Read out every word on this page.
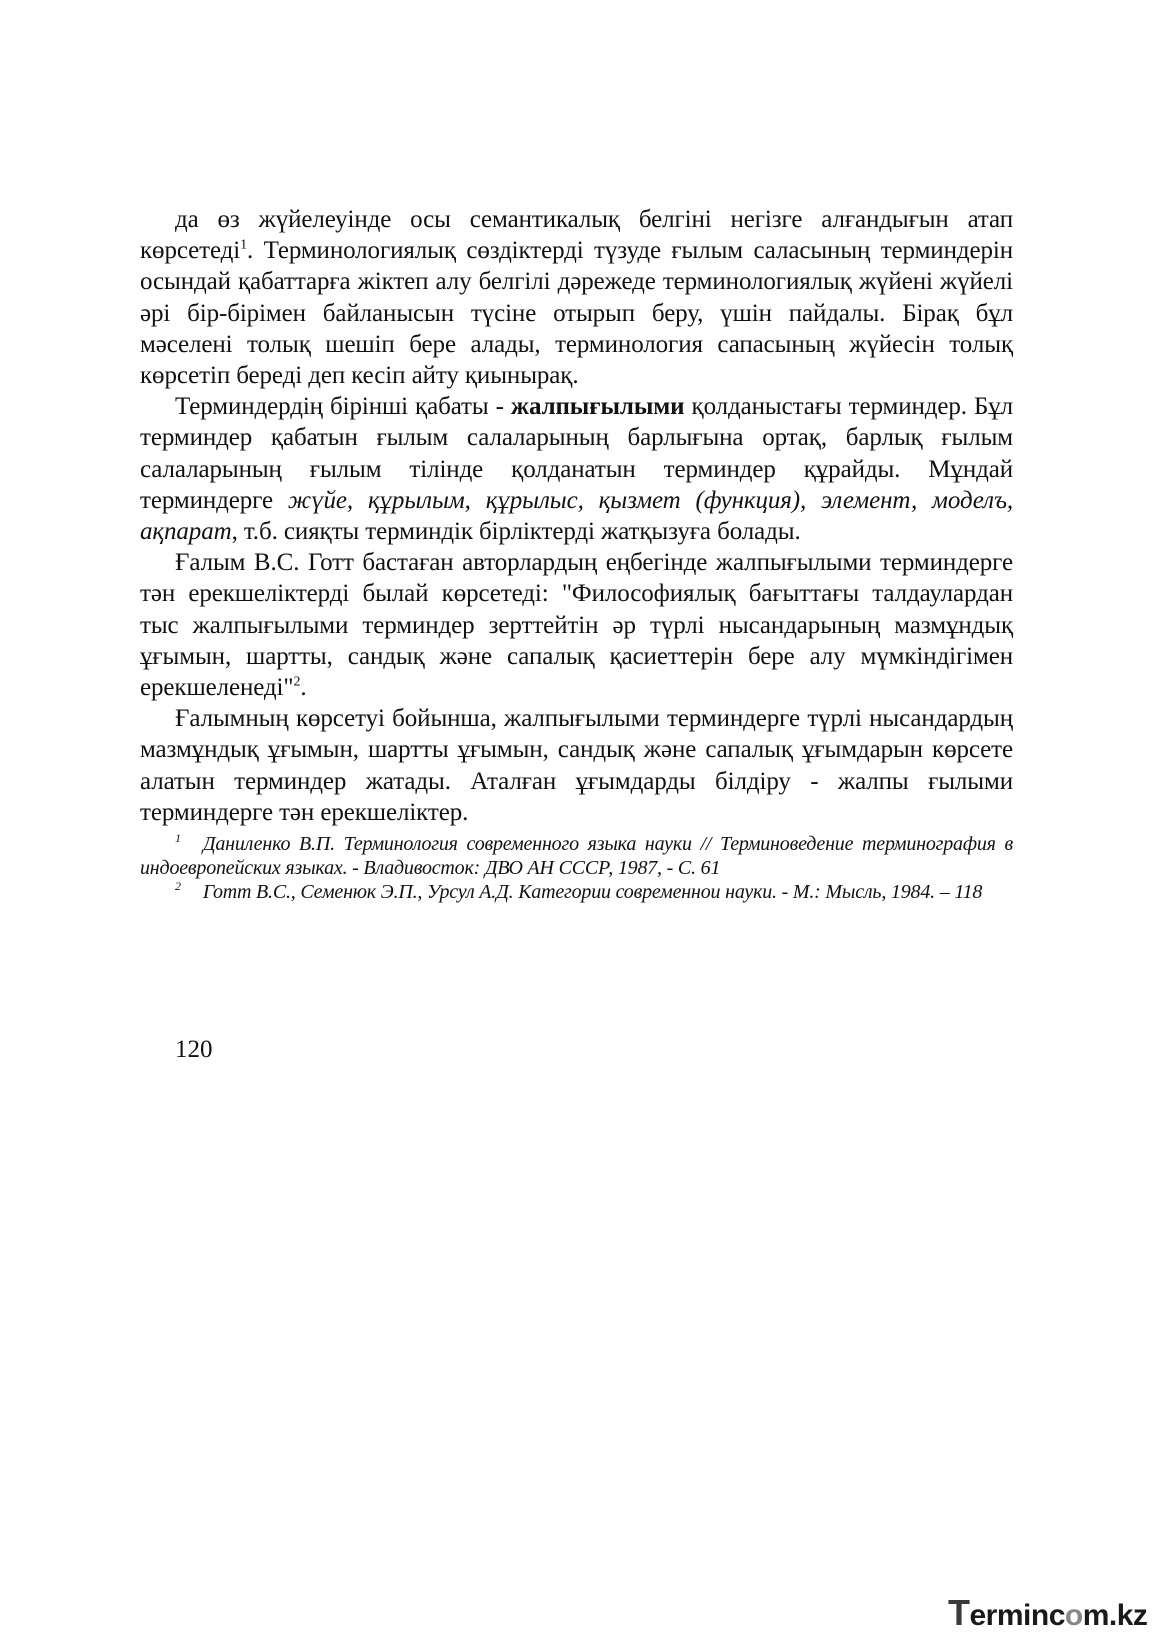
да өз жүйелеуінде осы семантикалық белгіні негізге алғандығын атап көрсетеді$^1$. Терминологиялық сөздіктерді түзуде ғылым саласының терминдерін осындай қабаттарға жіктеп алу белгілі дәрежеде терминологиялық жүйені жүйелі әрі бір-бірімен байланысын түсіне отырып беру, үшін пайдалы. Бірақ бұл мәселені толық шешіп бере алады, терминология сапасының жүйесін толық көрсетіп береді деп кесіп айту қиынырақ.

Терминдердің бірінші қабаты - жалпығылыми қолданыстағы терминдер. Бұл терминдер қабатын ғылым салаларының барлығына ортақ, барлық ғылым салаларының ғылым тілінде қолданатын терминдер құрайды. Мұндай терминдерге жүйе, құрылым, құрылыс, қызмет (функция), элемент, моделъ, ақпарат, т.б. сияқты терминдік бірліктерді жатқызуға болады.

Ғалым В.С. Готт бастаған авторлардың еңбегінде жалпығылыми терминдерге тән ерекшеліктерді былай көрсетеді: "Философиялық бағыттағы талдаулардан тыс жалпығылыми терминдер зерттейтін әр түрлі нысандарының мазмұндық ұғымын, шартты, сандық және сапалық қасиеттерін бере алу мүмкіндігімен ерекшеленеді"$^2$.

Ғалымның көрсетуі бойынша, жалпығылыми терминдерге түрлі нысандардың мазмұндық ұғымын, шартты ұғымын, сандық және сапалық ұғымдарын көрсете алатын терминдер жатады. Аталған ұғымдарды білдіру - жалпы ғылыми терминдерге тән ерекшеліктер.

$^1$ Даниленко В.П. Терминология современного языка науки // Терминоведение терминография в индоевропейских языках. - Владивосток: ДВО АН СССР, 1987, - С. 61

$^2$ Готт В.С., Семенюк Э.П., Урсул А.Д. Категории современнои науки. - М.: Мысль, 1984. – 118

120
Termincom.kz
